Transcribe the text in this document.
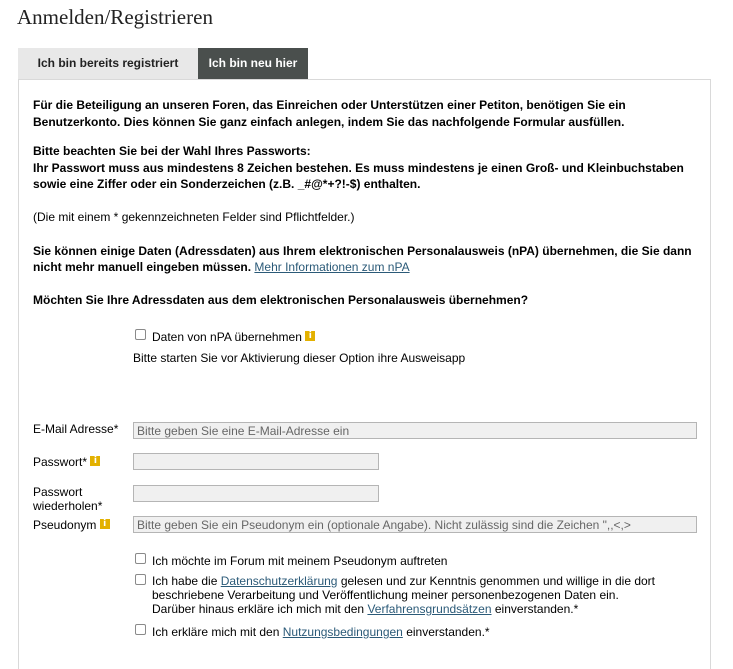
Anmelden/Registrieren
Ich bin bereits registriert	Ich bin neu hier
Für die Beteiligung an unseren Foren, das Einreichen oder Unterstützen einer Petiton, benötigen Sie ein
Benutzerkonto. Dies können Sie ganz einfach anlegen, indem Sie das nachfolgende Formular ausfüllen.
Bitte beachten Sie bei der Wahl Ihres Passworts:
Ihr Passwort muss aus mindestens 8 Zeichen bestehen. Es muss mindestens je einen Groß- und Kleinbuchstaben
sowie eine Ziffer oder ein Sonderzeichen (z.B. _#@*+?!-$) enthalten.
(Die mit einem * gekennzeichneten Felder sind Pflichtfelder.)
Sie können einige Daten (Adressdaten) aus Ihrem elektronischen Personalausweis (nPA) übernehmen, die Sie dann
nicht mehr manuell eingeben müssen. Mehr Informationen zum nPA
Möchten Sie Ihre Adressdaten aus dem elektronischen Personalausweis übernehmen?
Daten von nPA übernehmen i
Bitte starten Sie vor Aktivierung dieser Option ihre Ausweisapp
E-Mail Adresse*
Bitte geben Sie eine E-Mail-Adresse ein
Passwort* i
Passwort
wiederholen*
Pseudonym i
Bitte geben Sie ein Pseudonym ein (optionale Angabe). Nicht zulässig sind die Zeichen ",,<,>
Ich möchte im Forum mit meinem Pseudonym auftreten
Ich habe die Datenschutzerklärung gelesen und zur Kenntnis genommen und willige in die dort
beschriebene Verarbeitung und Veröffentlichung meiner personenbezogenen Daten ein.
Darüber hinaus erkläre ich mich mit den Verfahrensgrundsätzen einverstanden.*
Ich erkläre mich mit den Nutzungsbedingungen einverstanden.*
